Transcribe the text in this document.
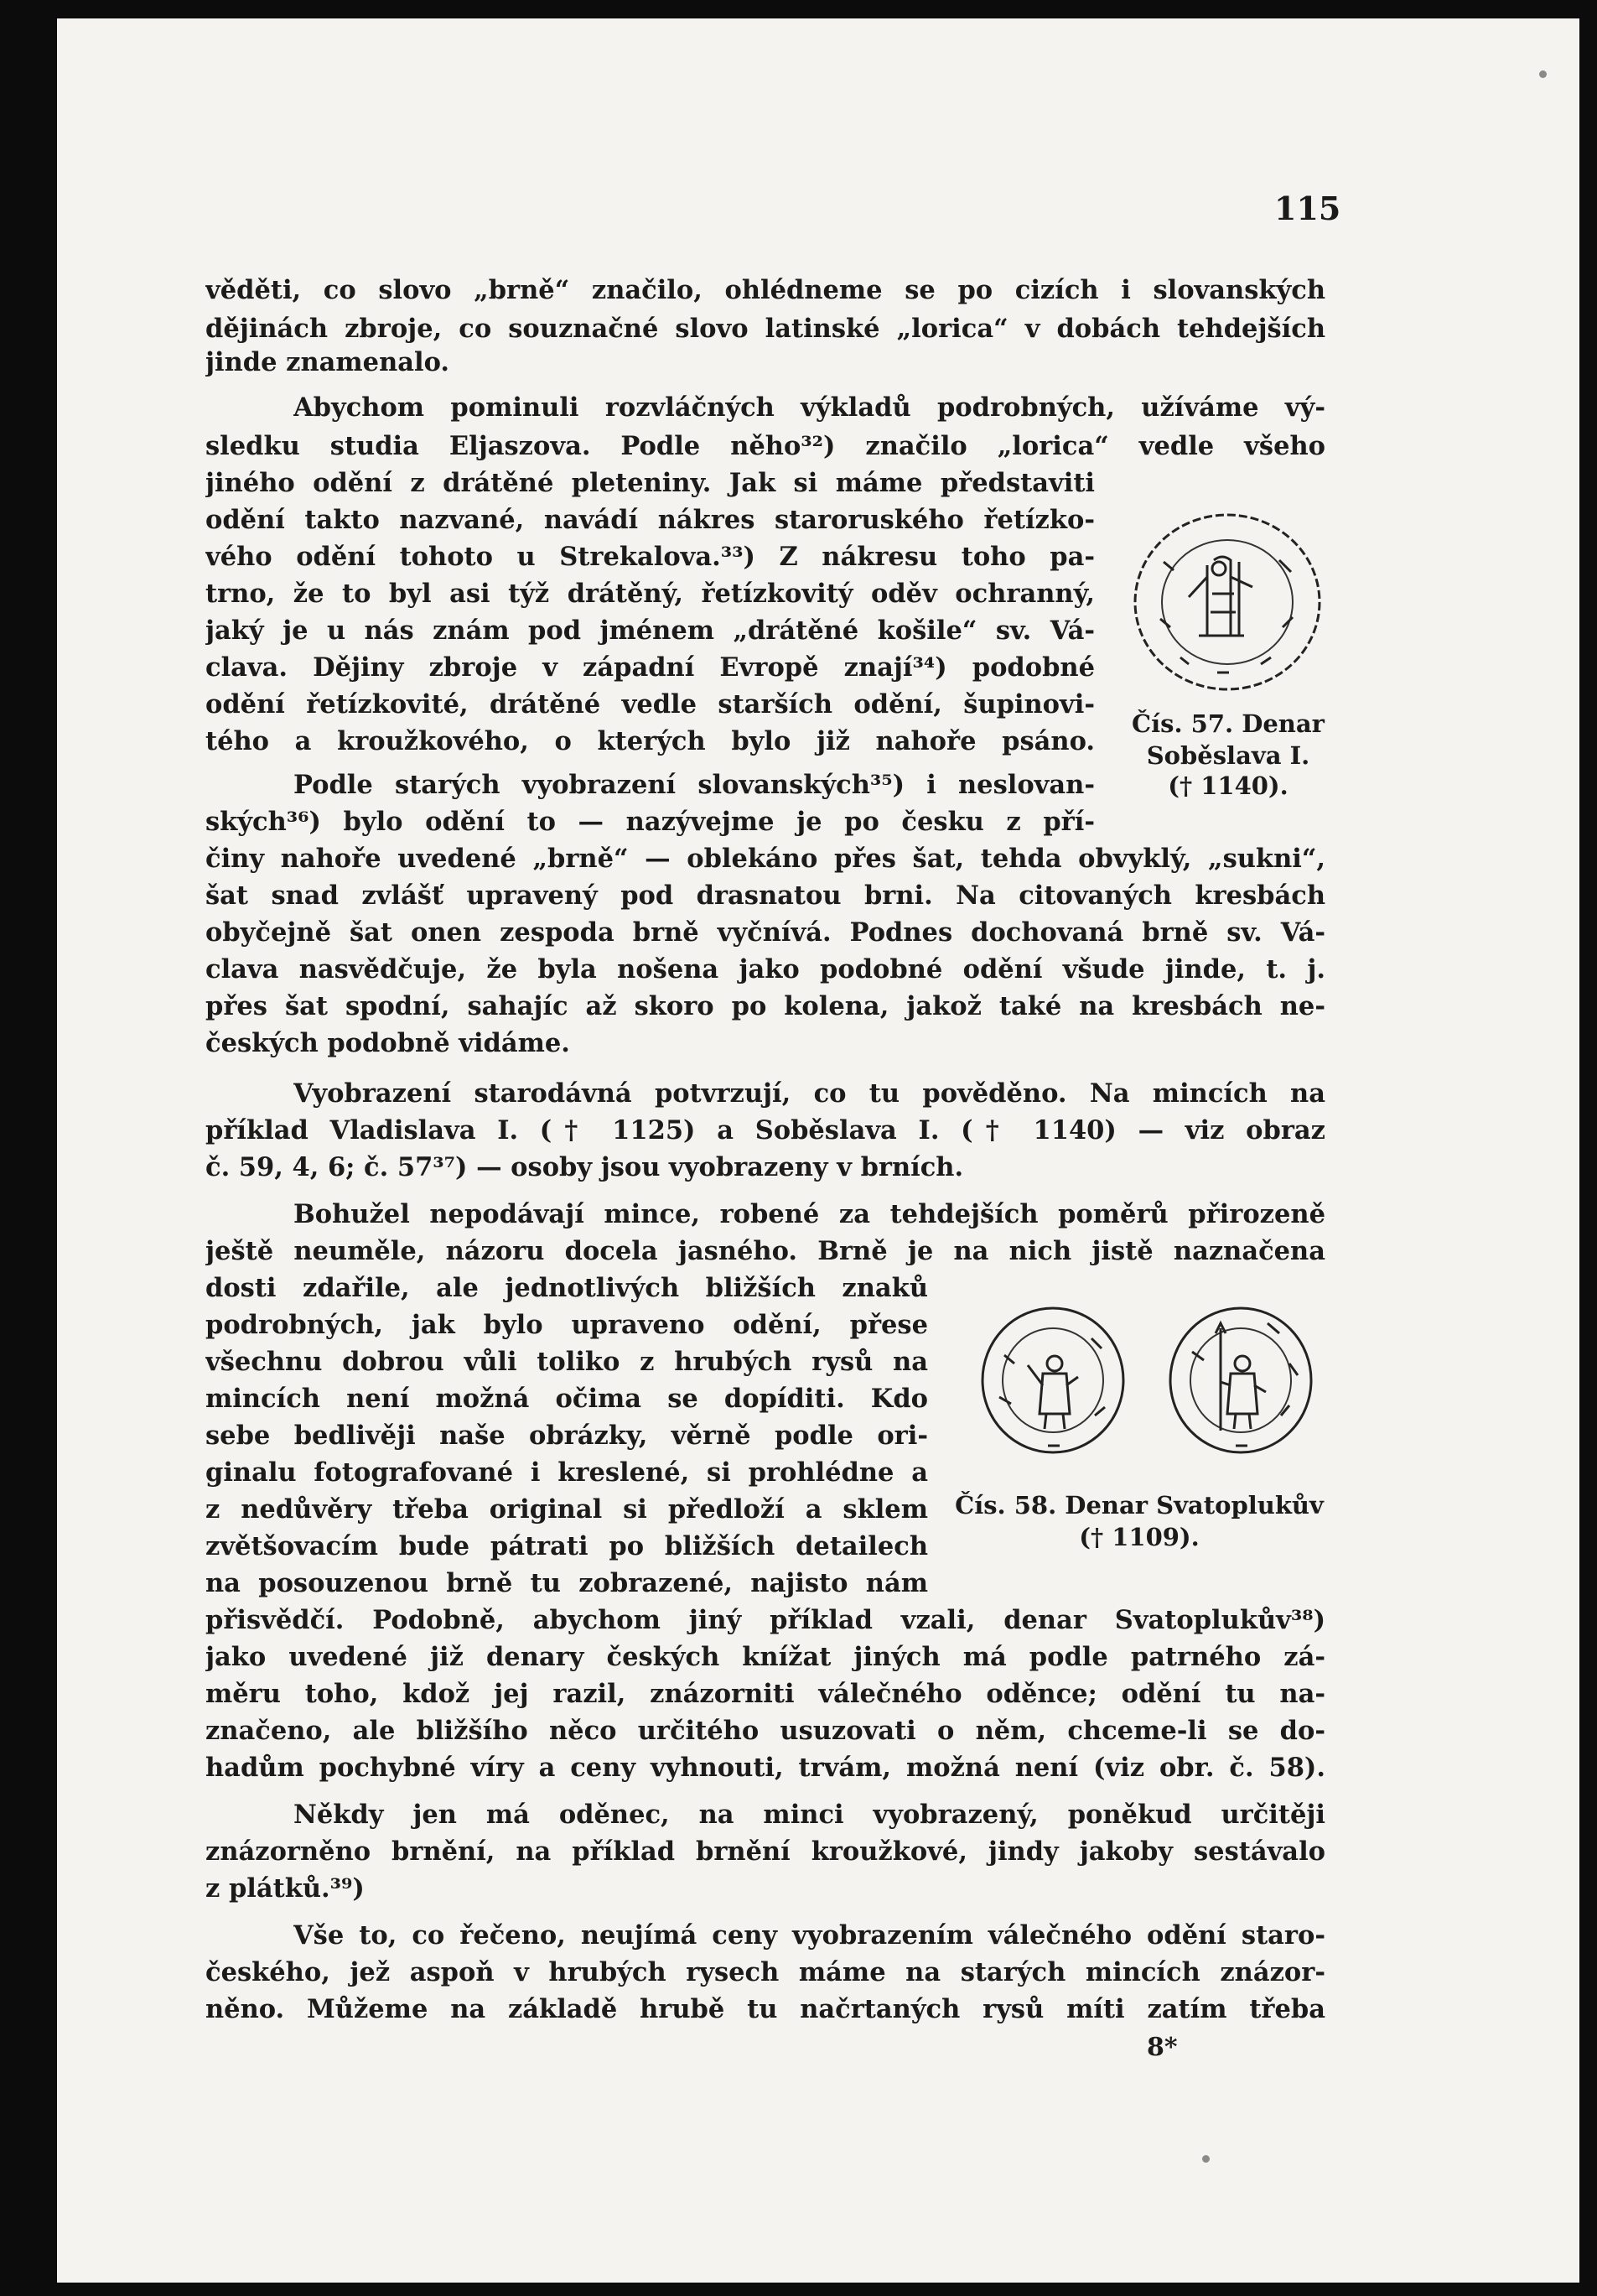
115
věděti, co slovo „brně“ značilo, ohlédneme se po cizích i slovanských
dějinách zbroje, co souznačné slovo latinské „lorica“ v dobách tehdejších
jinde znamenalo.
Abychom pominuli rozvláčných výkladů podrobných, užíváme vý-
sledku studia Eljaszova. Podle něho³²) značilo „lorica“ vedle všeho
jiného odění z drátěné pleteniny. Jak si máme představiti
odění takto nazvané, navádí nákres staroruského řetízko-
vého odění tohoto u Strekalova.³³) Z nákresu toho pa-
trno, že to byl asi týž drátěný, řetízkovitý oděv ochranný,
jaký je u nás znám pod jménem „drátěné košile“ sv. Vá-
clava. Dějiny zbroje v západní Evropě znají³⁴) podobné
odění řetízkovité, drátěné vedle starších odění, šupinovi-
tého a kroužkového, o kterých bylo již nahoře psáno.
Podle starých vyobrazení slovanských³⁵) i neslovan-
ských³⁶) bylo odění to — nazývejme je po česku z pří-
činy nahoře uvedené „brně“ — oblekáno přes šat, tehda obvyklý, „sukni“,
šat snad zvlášť upravený pod drasnatou brni. Na citovaných kresbách
obyčejně šat onen zespoda brně vyčnívá. Podnes dochovaná brně sv. Vá-
clava nasvědčuje, že byla nošena jako podobné odění všude jinde, t. j.
přes šat spodní, sahajíc až skoro po kolena, jakož také na kresbách ne-
českých podobně vidáme.
Vyobrazení starodávná potvrzují, co tu pověděno. Na mincích na
příklad Vladislava I. († 1125) a Soběslava I. († 1140) — viz obraz
č. 59, 4, 6; č. 57³⁷) — osoby jsou vyobrazeny v brních.
Bohužel nepodávají mince, robené za tehdejších poměrů přirozeně
ještě neuměle, názoru docela jasného. Brně je na nich jistě naznačena
dosti zdařile, ale jednotlivých bližších znaků
podrobných, jak bylo upraveno odění, přese
všechnu dobrou vůli toliko z hrubých rysů na
mincích není možná očima se dopíditi. Kdo
sebe bedlivěji naše obrázky, věrně podle ori-
ginalu fotografované i kreslené, si prohlédne a
z nedůvěry třeba original si předloží a sklem
zvětšovacím bude pátrati po bližších detailech
na posouzenou brně tu zobrazené, najisto nám
přisvědčí. Podobně, abychom jiný příklad vzali, denar Svatoplukův³⁸)
jako uvedené již denary českých knížat jiných má podle patrného zá-
měru toho, kdož jej razil, znázorniti válečného oděnce; odění tu na-
značeno, ale bližšího něco určitého usuzovati o něm, chceme-li se do-
hadům pochybné víry a ceny vyhnouti, trvám, možná není (viz obr. č. 58).
Někdy jen má oděnec, na minci vyobrazený, poněkud určitěji
znázorněno brnění, na příklad brnění kroužkové, jindy jakoby sestávalo
z plátků.³⁹)
Vše to, co řečeno, neujímá ceny vyobrazením válečného odění staro-
českého, jež aspoň v hrubých rysech máme na starých mincích znázor-
něno. Můžeme na základě hrubě tu načrtaných rysů míti zatím třeba
Čís. 57. Denar
Soběslava I.
(† 1140).
Čís. 58. Denar Svatoplukův
(† 1109).
8*
